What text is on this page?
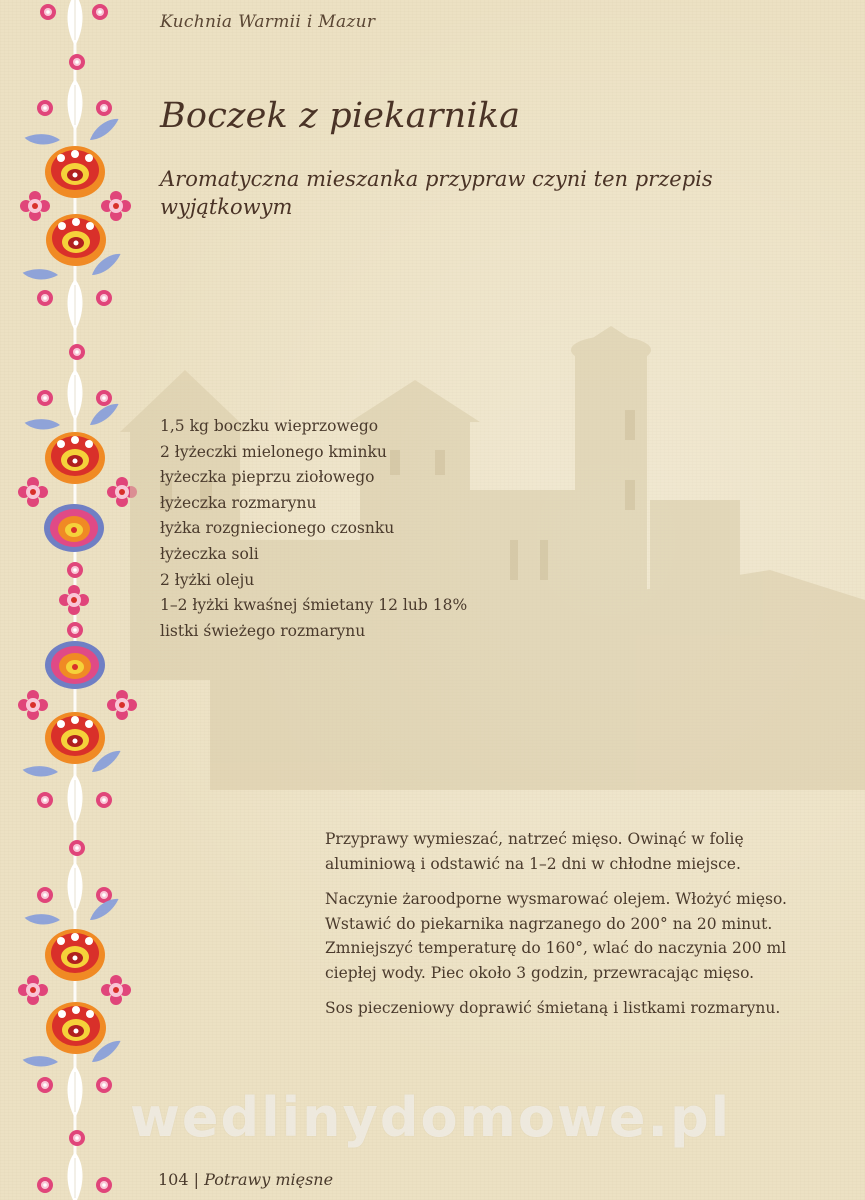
Kuchnia Warmii i Mazur
Boczek z piekarnika

Aromatyczna mieszanka przypraw czyni ten przepis wyjątkowym

1,5 kg boczku wieprzowego
2 łyżeczki mielonego kminku
łyżeczka pieprzu ziołowego
łyżeczka rozmarynu
łyżka rozgniecionego czosnku
łyżeczka soli
2 łyżki oleju
1–2 łyżki kwaśnej śmietany 12 lub 18%
listki świeżego rozmarynu

Przyprawy wymieszać, natrzeć mięso. Owinąć w folię aluminiową i odstawić na 1–2 dni w chłodne miejsce.

Naczynie żaroodporne wysmarować olejem. Włożyć mięso. Wstawić do piekarnika nagrzanego do 200° na 20 minut. Zmniejszyć temperaturę do 160°, wlać do naczynia 200 ml ciepłej wody. Piec około 3 godzin, przewracając mięso.

Sos pieczeniowy doprawić śmietaną i listkami rozmarynu.

wedlinydomowe.pl
104 | Potrawy mięsne
